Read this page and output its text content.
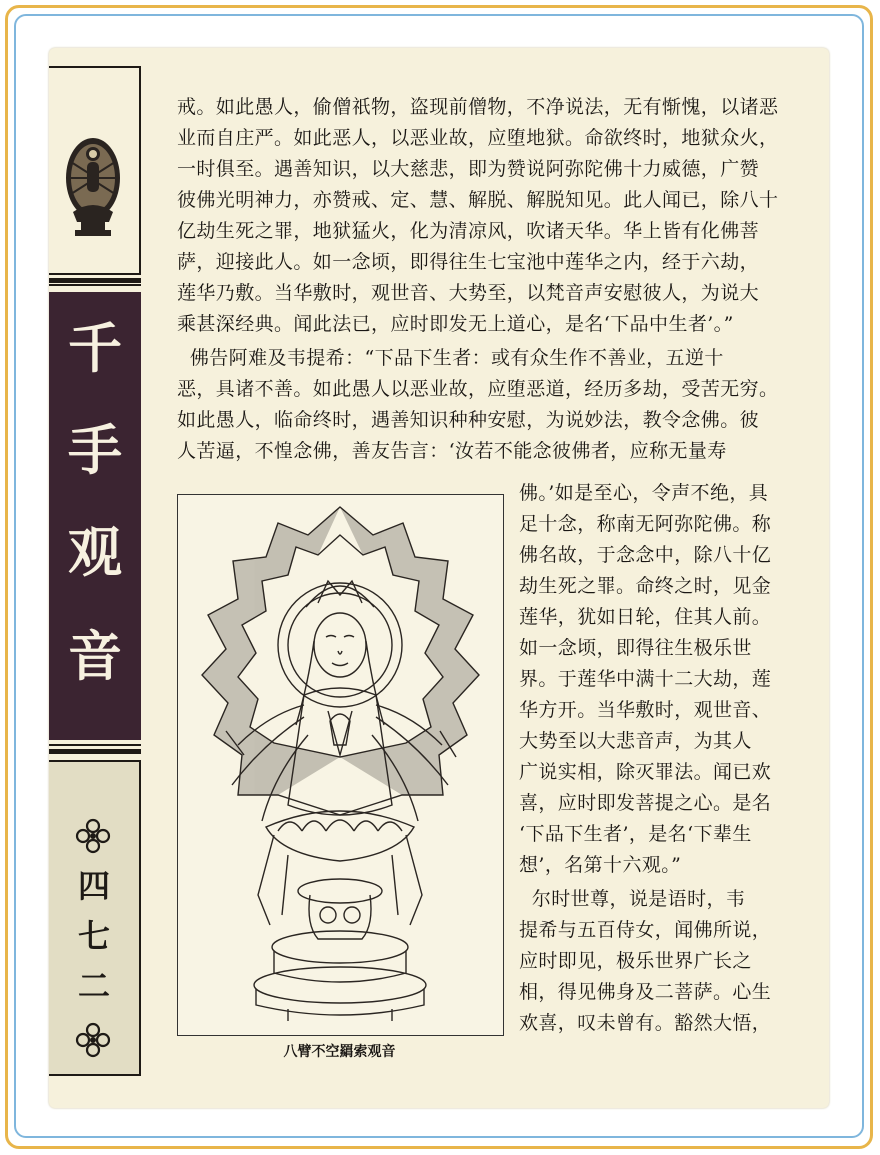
千
手
观
音
四
七
二
戒。如此愚人，偷僧祇物，盗现前僧物，不净说法，无有惭愧，以诸恶
业而自庄严。如此恶人，以恶业故，应堕地狱。命欲终时，地狱众火，
一时俱至。遇善知识，以大慈悲，即为赞说阿弥陀佛十力威德，广赞
彼佛光明神力，亦赞戒、定、慧、解脱、解脱知见。此人闻已，除八十
亿劫生死之罪，地狱猛火，化为清凉风，吹诸天华。华上皆有化佛菩
萨，迎接此人。如一念顷，即得往生七宝池中莲华之内，经于六劫，
莲华乃敷。当华敷时，观世音、大势至，以梵音声安慰彼人，为说大
乘甚深经典。闻此法已，应时即发无上道心，是名‘下品中生者’。”
佛告阿难及韦提希：“下品下生者：或有众生作不善业，五逆十
恶，具诸不善。如此愚人以恶业故，应堕恶道，经历多劫，受苦无穷。
如此愚人，临命终时，遇善知识种种安慰，为说妙法，教令念佛。彼
人苦逼，不惶念佛，善友告言：‘汝若不能念彼佛者，应称无量寿
八臂不空羂索观音
佛。’如是至心，令声不绝，具
足十念，称南无阿弥陀佛。称
佛名故，于念念中，除八十亿
劫生死之罪。命终之时，见金
莲华，犹如日轮，住其人前。
如一念顷，即得往生极乐世
界。于莲华中满十二大劫，莲
华方开。当华敷时，观世音、
大势至以大悲音声，为其人
广说实相，除灭罪法。闻已欢
喜，应时即发菩提之心。是名
‘下品下生者’，是名‘下辈生
想’，名第十六观。”
尔时世尊，说是语时，韦
提希与五百侍女，闻佛所说，
应时即见，极乐世界广长之
相，得见佛身及二菩萨。心生
欢喜，叹未曾有。豁然大悟，
